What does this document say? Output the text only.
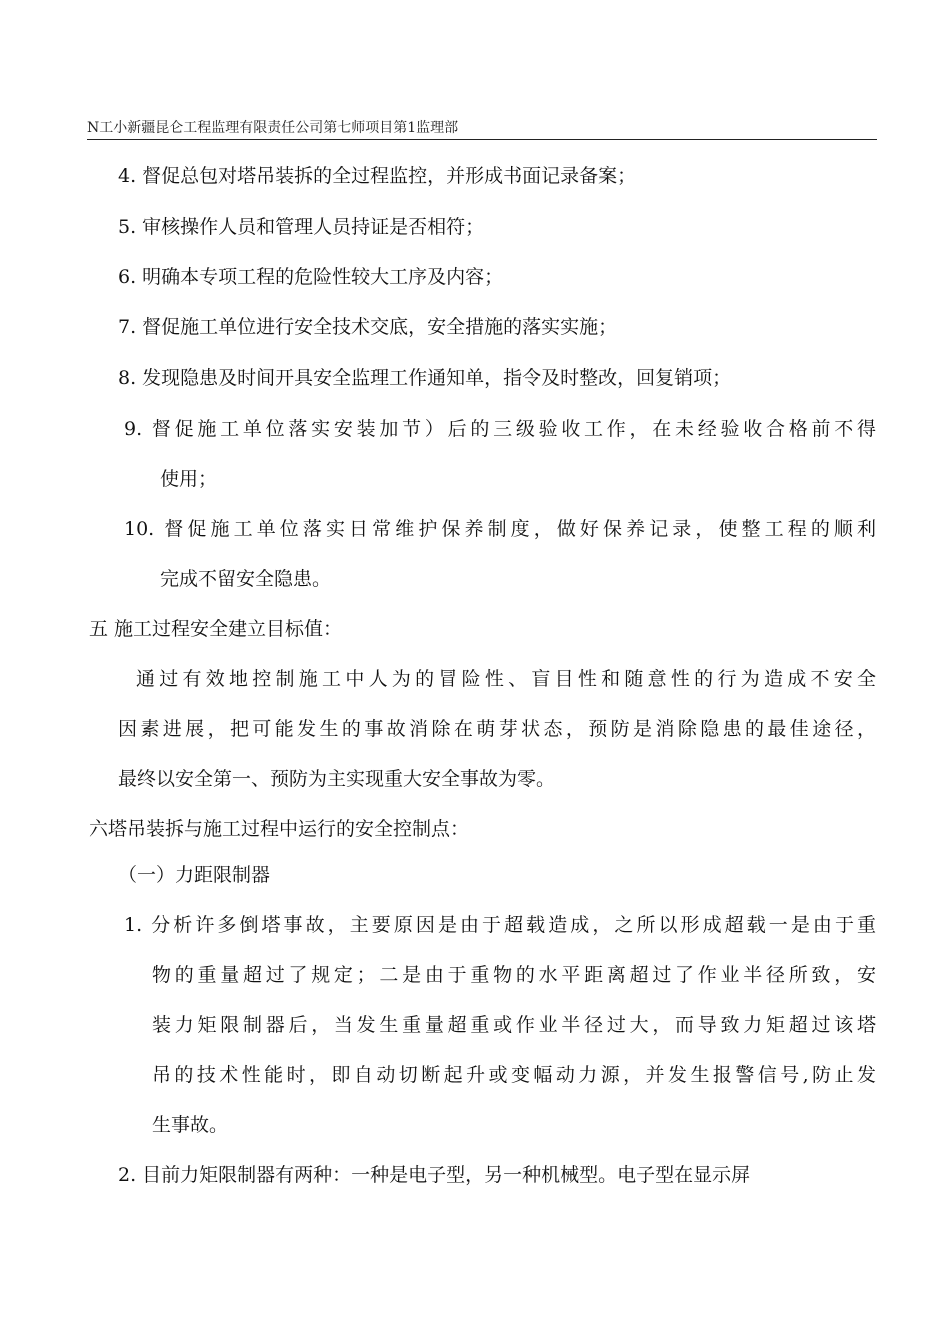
N工小新疆昆仑工程监理有限责任公司第七师项目第1监理部
4. 督促总包对塔吊装拆的全过程监控，并形成书面记录备案；
5. 审核操作人员和管理人员持证是否相符；
6. 明确本专项工程的危险性较大工序及内容；
7. 督促施工单位进行安全技术交底，安全措施的落实实施；
8. 发现隐患及时间开具安全监理工作通知单，指令及时整改，回复销项；
9. 督促施工单位落实安装加节）后的三级验收工作，在未经验收合格前不得
使用；
10. 督促施工单位落实日常维护保养制度，做好保养记录，使整工程的顺利
完成不留安全隐患。
五 施工过程安全建立目标值：
通过有效地控制施工中人为的冒险性、盲目性和随意性的行为造成不安全
因素进展，把可能发生的事故消除在萌芽状态，预防是消除隐患的最佳途径，
最终以安全第一、预防为主实现重大安全事故为零。
六塔吊装拆与施工过程中运行的安全控制点：
（一）力距限制器
1. 分析许多倒塔事故，主要原因是由于超载造成，之所以形成超载一是由于重
物的重量超过了规定；二是由于重物的水平距离超过了作业半径所致，安
装力矩限制器后，当发生重量超重或作业半径过大，而导致力矩超过该塔
吊的技术性能时，即自动切断起升或变幅动力源，并发生报警信号,防止发
生事故。
2. 目前力矩限制器有两种：一种是电子型，另一种机械型。电子型在显示屏
